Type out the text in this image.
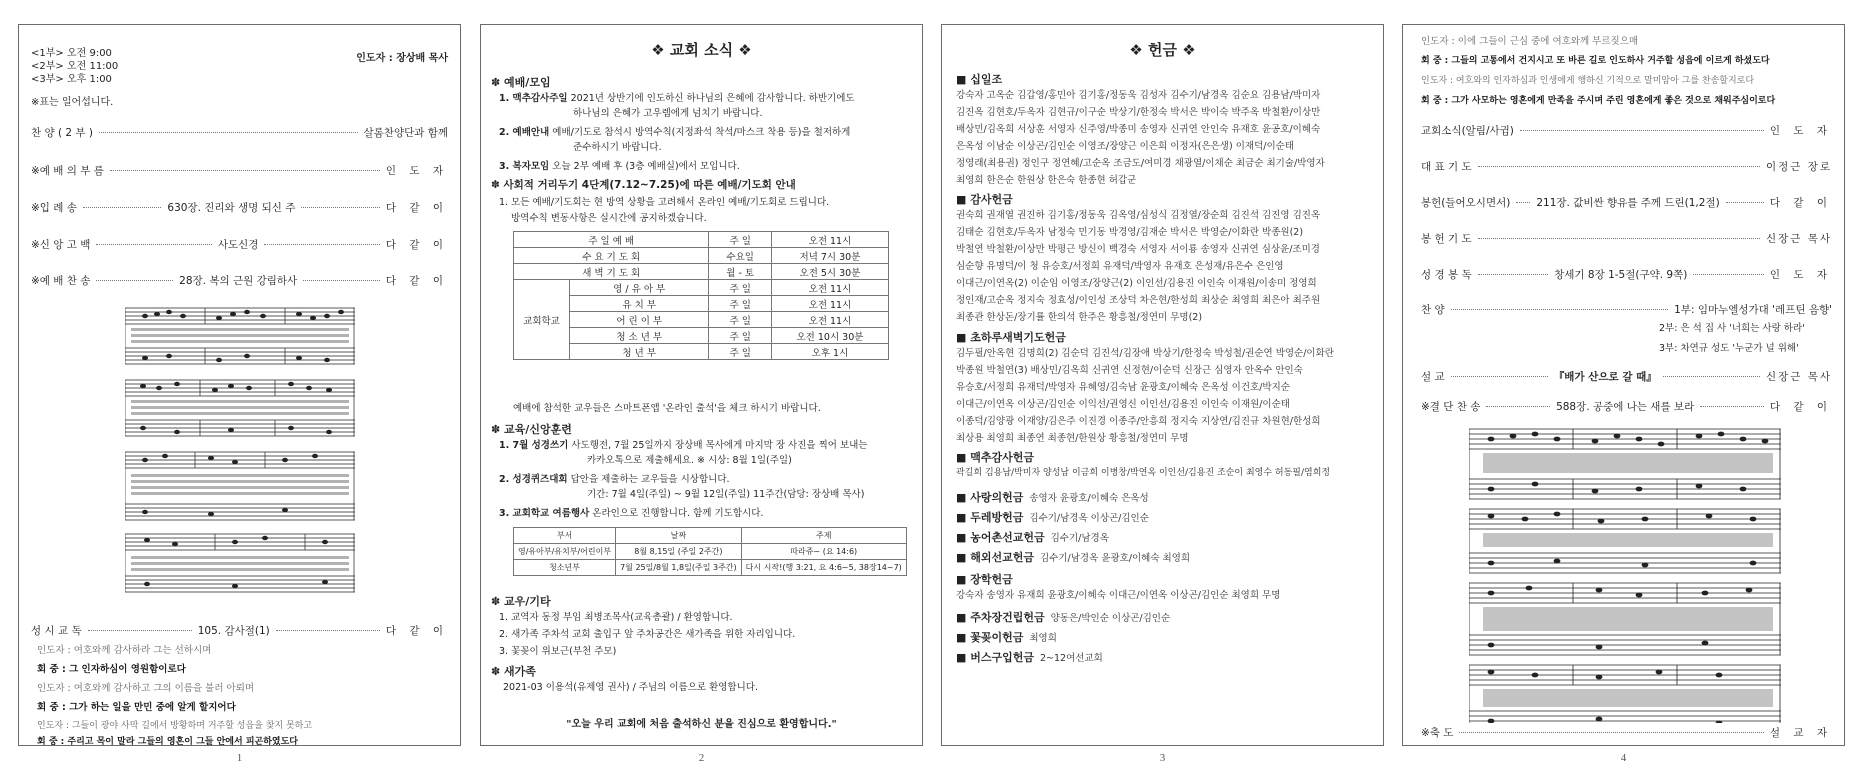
<1부> 오전 9:00
<2부> 오전 11:00
<3부> 오후 1:00
인도자 : 장상배 목사
※표는 일어섭니다.
찬 양 ( 2 부 )	살롬찬양단과 함께
※예 배 의 부 름	인 도 자
※입 례 송	630장. 진리와 생명 되신 주	다 같 이
※신 앙 고 백	사도신경	다 같 이
※예 배 찬 송	28장. 복의 근원 강림하사	다 같 이
성 시 교 독	105. 감사절(1)	다 같 이
인도자 : 여호와께 감사하라 그는 선하시며
회 중 : 그 인자하심이 영원함이로다
인도자 : 여호와께 감사하고 그의 이름을 불러 아뢰며
회 중 : 그가 하는 일을 만민 중에 알게 할지어다
인도자 : 그들이 광야 사막 길에서 방황하며 거주할 성읍을 찾지 못하고
회 중 : 주리고 목이 말라 그들의 영혼이 그들 안에서 피곤하였도다
1
❖ 교회 소식 ❖
✽ 예배/모임
1. 맥추감사주일 2021년 상반기에 인도하신 하나님의 은혜에 감사합니다. 하반기에도
하나님의 은혜가 고우렘에게 넘치기 바랍니다.
2. 예배안내 예배/기도로 참석시 방역수칙(지정좌석 착석/마스크 착용 등)을 철저하게
준수하시기 바랍니다.
3. 복자모임 오늘 2부 예배 후 (3층 예배실)에서 모입니다.
✽ 사회적 거리두기 4단계(7.12~7.25)에 따른 예배/기도회 안내
1. 모든 예배/기도회는 현 방역 상황을 고려해서 온라인 예배/기도회로 드립니다.
방역수칙 변동사항은 실시간에 공지하겠습니다.
주 일 예 배		주 일	오전 11시
수 요 기 도 회		수요일	저녁 7시 30분
새 벽 기 도 회		월 - 토	오전 5시 30분
교회학교	영 / 유 아 부	주 일	오전 11시
	유 치 부	주 일	오전 11시
	어 린 이 부	주 일	오전 11시
	청 소 년 부	주 일	오전 10시 30분
	청 년 부	주 일	오후 1시
예배에 참석한 교우들은 스마트폰앱 '온라인 출석'을 체크 하시기 바랍니다.
✽ 교육/신앙훈련
1. 7월 성경쓰기 사도행전, 7월 25일까지 장상배 목사에게 마지막 장 사진을 찍어 보내는
카카오톡으로 제출해세요. ※ 시상: 8월 1일(주일)
2. 성경퀴즈대회 답안을 제출하는 교우들을 시상합니다.
기간: 7월 4일(주일) ~ 9월 12일(주일) 11주간(담당: 장상배 목사)
3. 교회학교 여름행사 온라인으로 진행합니다. 함께 기도합시다.
부서	날짜	주제
영/유아부/유치부/어린이부	8월 8,15일 (주일 2주간)	따라쥬~ (요 14:6)
청소년부	7월 25일/8월 1,8일(주일 3주간)	다시 시작!(행 3:21, 요 4:6~5, 38장14~7)
✽ 교우/기타
1. 교역자 동정 부임 최병조목사(교육총괄) / 환영합니다.
2. 새가족 주차석 교회 출입구 앞 주차공간은 새가족을 위한 자리입니다.
3. 꽃꽂이 위보근(부천 주모)
✽ 새가족
2021-03 이용석(유제영 권사) / 주님의 이름으로 환영합니다.
"오늘 우리 교회에 처음 출석하신 분을 진심으로 환영합니다."
2
❖ 헌금 ❖
■ 십일조
강숙자 고옥순 김갑영/홍민아 김기홍/정동욱 김성자 김수기/남경옥 김순요 김용남/박미자
김진옥 김현호/두옥자 김현규/이구순 박상기/한정숙 박서은 박이숙 박주옥 박철환/이상만
배상민/김옥희 서상훈 서영자 신주영/박종미 송영자 신귀연 안인숙 유재호 윤공호/이혜숙
은옥성 이남순 이상곤/김인순 이영조/장양근 이은희 이정자(은은생) 이재덕/이순태
정영래(최용권) 정인구 정연혜/고순옥 조금도/여미경 채광열/이채순 최금순 최기술/박영자
최영희 한은순 한원상 한은숙 한종현 허갑군
■ 감사헌금
권숙희 권재열 권진하 김기홍/정동욱 김옥영/심성식 김정열/장순희 김진석 김진영 김진옥
김태순 김현호/두옥자 남정숙 민기동 박경영/김재순 박서은 박영순/이화란 박종원(2)
박철연 박철환/이상만 박평근 방신이 백경숙 서영자 서이룡 송영자 신귀연 심상윤/조미경
심순향 유명덕/이 청 유승호/서정희 유재덕/박영자 유재호 은성재/유은수 은인영
이대근/이연옥(2) 이순임 이영조/장양근(2) 이인선/김용진 이인숙 이재원/이송미 정영희
정인재/고순옥 정지숙 정효성/이인성 조상덕 차은현/한성희 최상순 최영희 최은아 최주원
최종관 한상돈/장기률 한의석 한주은 황흥철/정연미 무명(2)
■ 초하루새벽기도헌금
김두필/안옥현 김명희(2) 김순덕 김진석/김장애 박상기/한정숙 박성철/권순연 박영순/이화란
박종원 박철연(3) 배상민/김옥희 신귀연 신정현/이순덕 신장근 심영자 안옥수 안인숙
유승호/서정희 유재덕/박영자 유혜영/김숙남 윤광호/이혜숙 은옥성 이건호/박지순
이대근/이연옥 이상곤/김인순 이익선/권영신 이인선/김용진 이인숙 이재원/이순태
이종덕/김양광 이재양/김은주 이진경 이종주/안흥희 정지숙 지상연/김진규 차원현/한성희
최상용 최영희 최종연 최종현/한원상 황흥철/정연미 무명
■ 맥추감사헌금
곽길희 김용남/박미자 양성남 이금희 이병창/박연옥 이인선/김용진 조순이 최영수 허동필/염희정
■ 사랑의헌금 송영자 윤광호/이혜숙 은옥성
■ 두레방헌금 김수기/남경옥 이상곤/김인순
■ 농어촌선교헌금 김수기/남경옥
■ 해외선교헌금 김수기/남경옥 윤광호/이혜숙 최영희
■ 장학헌금
강숙자 송영자 유재희 윤광호/이혜숙 이대근/이연옥 이상곤/김인순 최영희 무명
■ 주차장건립헌금 양동은/박인순 이상곤/김인순
■ 꽃꽂이헌금 최영희
■ 버스구입헌금 2~12여선교회
3
인도자 : 이에 그들이 근심 중에 여호와께 부르짖으매
회 중 : 그들의 고통에서 건지시고 또 바른 길로 인도하사 거주할 성읍에 이르게 하셨도다
인도자 : 여호와의 인자하심과 인생에게 행하신 기적으로 말미암아 그를 찬송할지로다
회 중 : 그가 사모하는 영혼에게 만족을 주시며 주린 영혼에게 좋은 것으로 채워주심이로다
교회소식(알림/사귐)	인 도 자
대 표 기 도	이정근 장로
봉헌(들어오시면서) 211장. 값비싼 향유를 주께 드린(1,2절)	다 같 이
봉 헌 기 도	신장근 목사
성 경 봉 독	창세기 8장 1-5절(구약. 9쪽)	인 도 자
찬 양	1부: 임마누엘성가대 '레프틴 음향'
2부: 은 석 집 사 '너희는 사랑 하라'
3부: 차연규 성도 '누군가 널 위해'
설 교	『배가 산으로 갈 때』	신장근 목사
※결 단 찬 송	588장. 공중에 나는 새를 보라	다 같 이
※축 도	설 교 자
4
